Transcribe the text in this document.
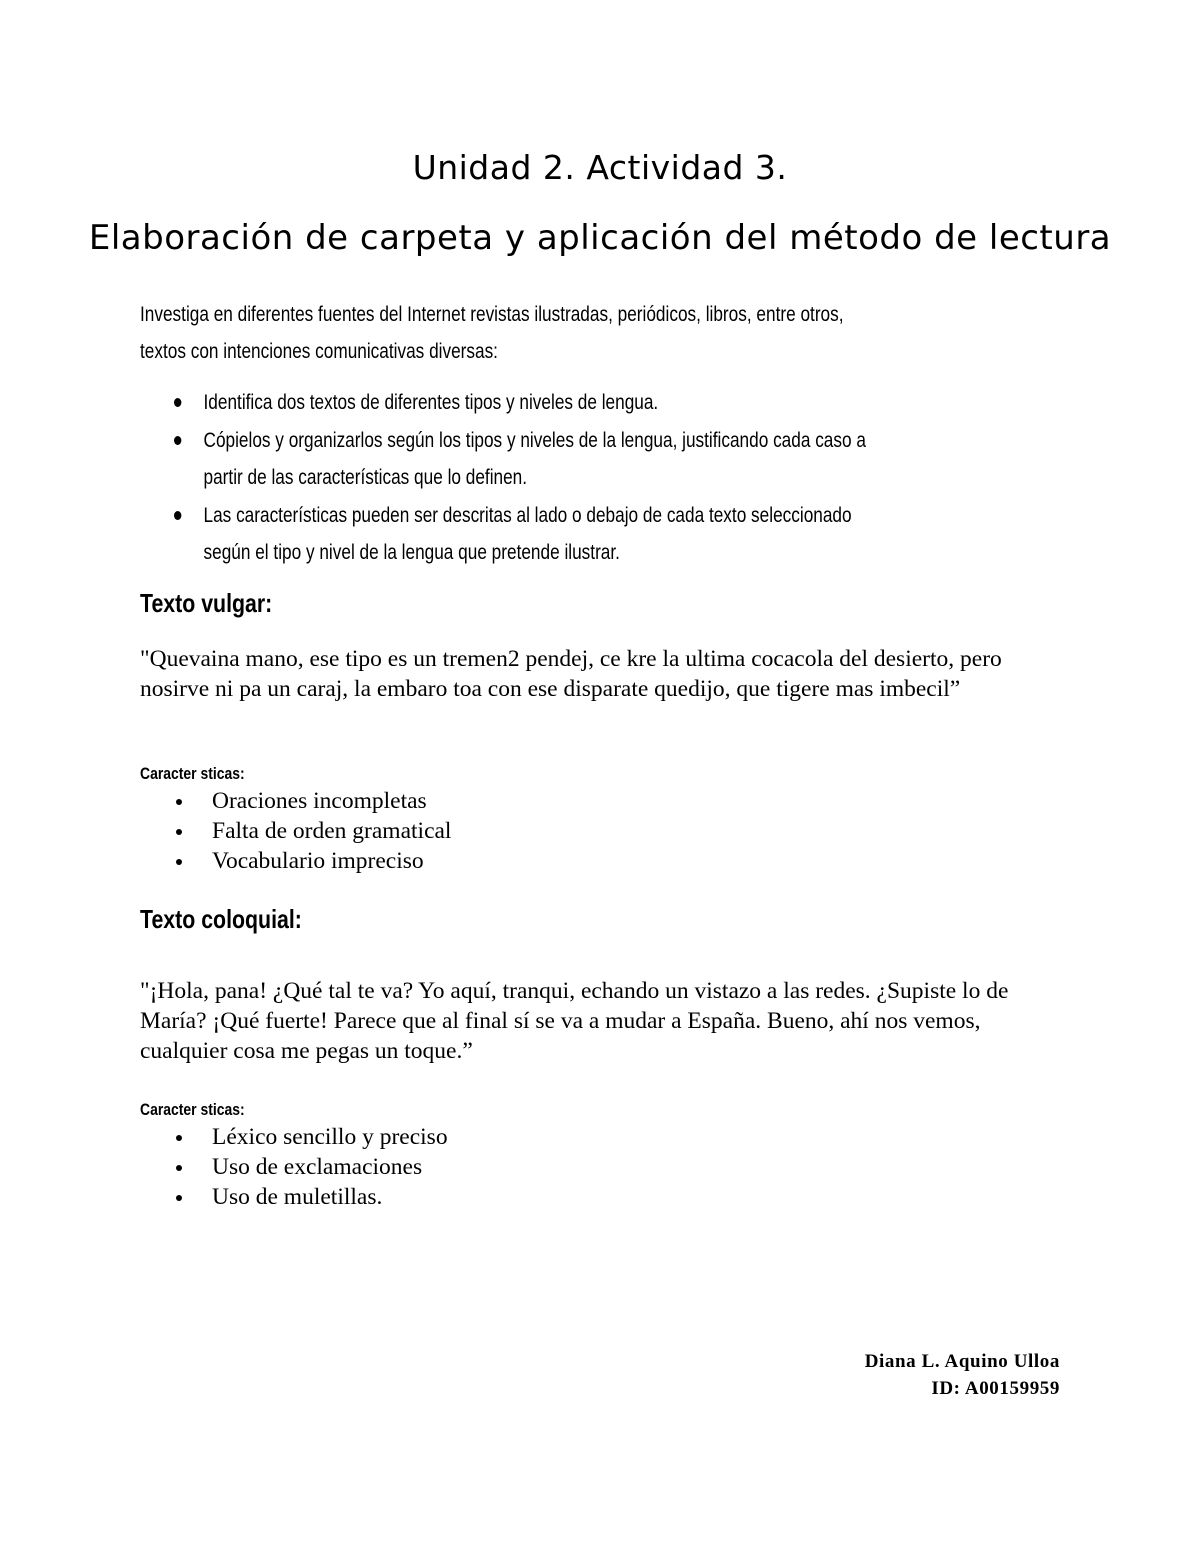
Unidad 2. Actividad 3.
Elaboración de carpeta y aplicación del método de lectura
Investiga en diferentes fuentes del Internet revistas ilustradas, periódicos, libros, entre otros,
textos con intenciones comunicativas diversas:
Identifica dos textos de diferentes tipos y niveles de lengua.
Cópielos y organizarlos según los tipos y niveles de la lengua, justificando cada caso a
partir de las características que lo definen.
Las características pueden ser descritas al lado o debajo de cada texto seleccionado
según el tipo y nivel de la lengua que pretende ilustrar.
Texto vulgar:
"Quevaina mano, ese tipo es un tremen2 pendej, ce kre la ultima cocacola del desierto, pero nosirve ni pa un caraj, la embaro toa con ese disparate quedijo, que tigere mas imbecil”
Caracter sticas:
Oraciones incompletas
Falta de orden gramatical
Vocabulario impreciso
Texto coloquial:
"¡Hola, pana! ¿Qué tal te va? Yo aquí, tranqui, echando un vistazo a las redes. ¿Supiste lo de María? ¡Qué fuerte! Parece que al final sí se va a mudar a España. Bueno, ahí nos vemos, cualquier cosa me pegas un toque.”
Caracter sticas:
Léxico sencillo y preciso
Uso de exclamaciones
Uso de muletillas.
Diana L. Aquino Ulloa
ID: A00159959
